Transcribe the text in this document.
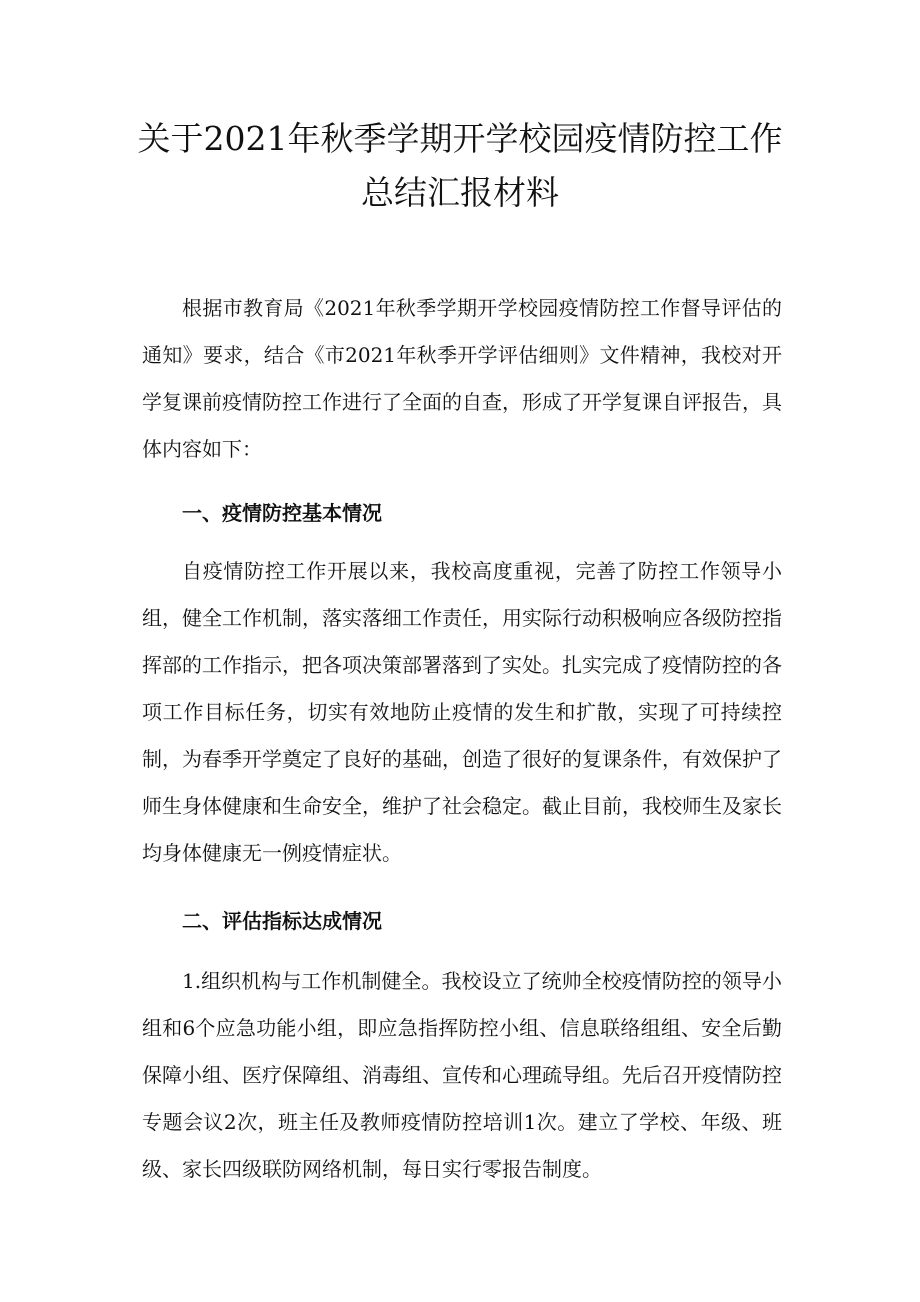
关于2021年秋季学期开学校园疫情防控工作总结汇报材料

根据市教育局《2021年秋季学期开学校园疫情防控工作督导评估的通知》要求，结合《市2021年秋季开学评估细则》文件精神，我校对开学复课前疫情防控工作进行了全面的自查，形成了开学复课自评报告，具体内容如下：

一、疫情防控基本情况

自疫情防控工作开展以来，我校高度重视，完善了防控工作领导小组，健全工作机制，落实落细工作责任，用实际行动积极响应各级防控指挥部的工作指示，把各项决策部署落到了实处。扎实完成了疫情防控的各项工作目标任务，切实有效地防止疫情的发生和扩散，实现了可持续控制，为春季开学奠定了良好的基础，创造了很好的复课条件，有效保护了师生身体健康和生命安全，维护了社会稳定。截止目前，我校师生及家长均身体健康无一例疫情症状。

二、评估指标达成情况

1.组织机构与工作机制健全。我校设立了统帅全校疫情防控的领导小组和6个应急功能小组，即应急指挥防控小组、信息联络组组、安全后勤保障小组、医疗保障组、消毒组、宣传和心理疏导组。先后召开疫情防控专题会议2次，班主任及教师疫情防控培训1次。建立了学校、年级、班级、家长四级联防网络机制，每日实行零报告制度。
